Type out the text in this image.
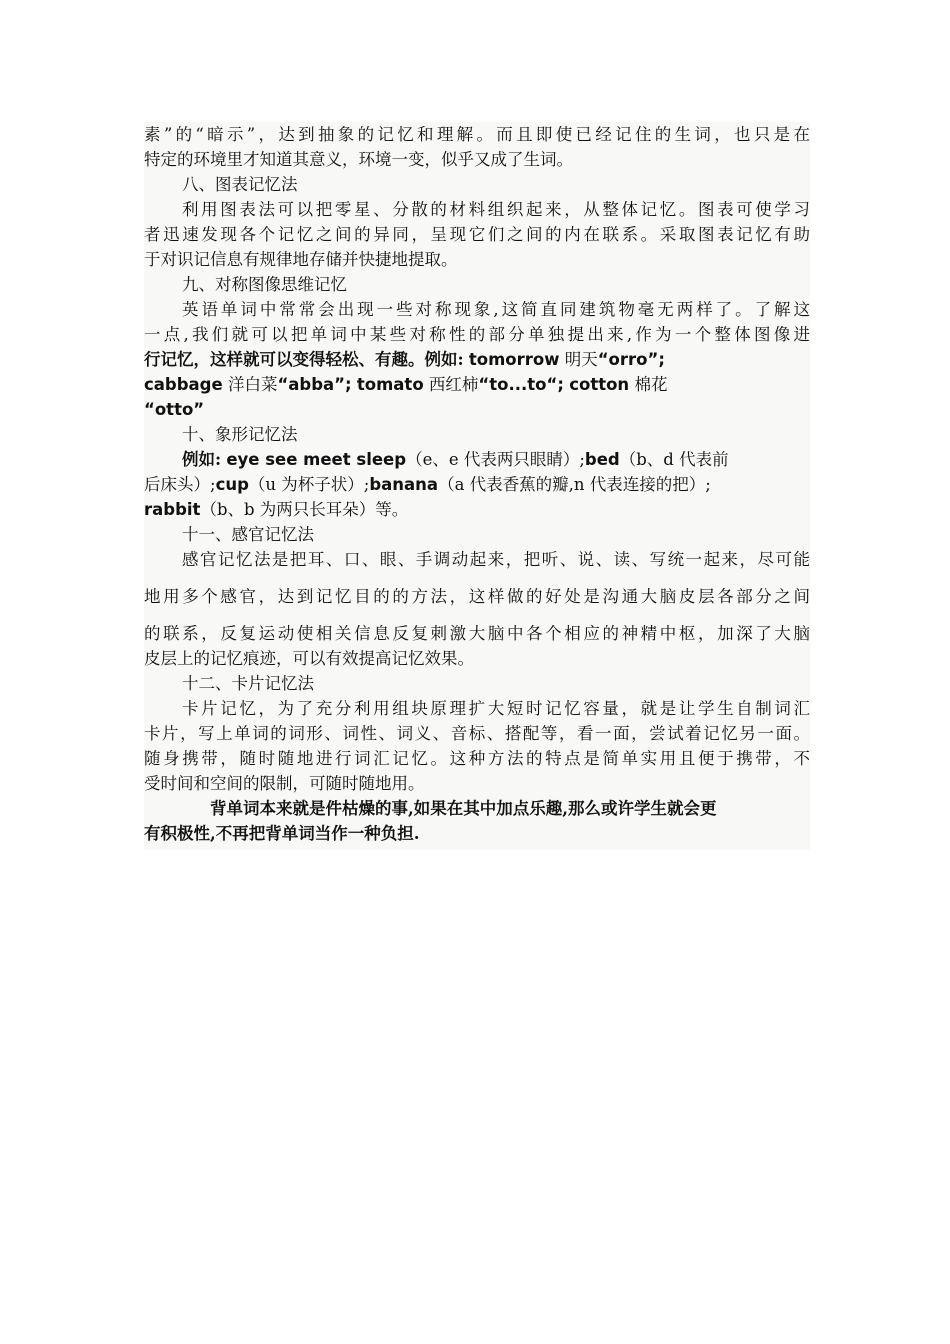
素”的“暗示”，达到抽象的记忆和理解。而且即使已经记住的生词，也只是在
特定的环境里才知道其意义，环境一变，似乎又成了生词。
八、图表记忆法
利用图表法可以把零星、分散的材料组织起来，从整体记忆。图表可使学习
者迅速发现各个记忆之间的异同，呈现它们之间的内在联系。采取图表记忆有助
于对识记信息有规律地存储并快捷地提取。
九、对称图像思维记忆
英语单词中常常会出现一些对称现象,这简直同建筑物毫无两样了。了解这
一点,我们就可以把单词中某些对称性的部分单独提出来,作为一个整体图像进
行记忆，这样就可以变得轻松、有趣。例如: tomorrow 明天“orro”;
cabbage 洋白菜“abba”; tomato 西红柿“to...to“; cotton 棉花
“otto”
十、象形记忆法
例如: eye see meet sleep（e、e 代表两只眼睛）;bed（b、d 代表前
后床头）;cup（u 为杯子状）;banana（a 代表香蕉的瓣,n 代表连接的把）;
rabbit（b、b 为两只长耳朵）等。
十一、感官记忆法
感官记忆法是把耳、口、眼、手调动起来，把听、说、读、写统一起来，尽可能
地用多个感官，达到记忆目的的方法，这样做的好处是沟通大脑皮层各部分之间
的联系，反复运动使相关信息反复刺激大脑中各个相应的神精中枢，加深了大脑
皮层上的记忆痕迹，可以有效提高记忆效果。
十二、卡片记忆法
卡片记忆，为了充分利用组块原理扩大短时记忆容量，就是让学生自制词汇
卡片，写上单词的词形、词性、词义、音标、搭配等，看一面，尝试着记忆另一面。
随身携带，随时随地进行词汇记忆。这种方法的特点是简单实用且便于携带，不
受时间和空间的限制，可随时随地用。
背单词本来就是件枯燥的事,如果在其中加点乐趣,那么或许学生就会更
有积极性,不再把背单词当作一种负担.
